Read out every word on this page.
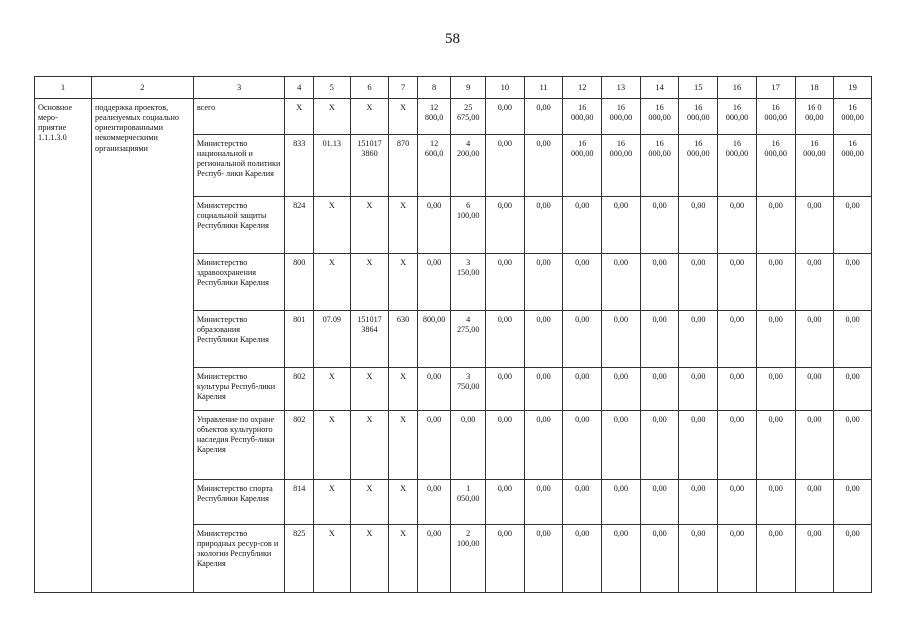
58
1	2	3	4	5	6	7	8	9	10	11	12	13	14	15	16	17	18	19
Основное меро-
приятие 1.1.1.3.0	поддержка проектов, реализуемых социально ориентированными некоммерческими организациями	всего	Х	Х	Х	Х	12 800,0	25 675,00	0,00	0,00	16 000,00	16 000,00	16 000,00	16 000,00	16 000,00	16 000,00	16 0 00,00	16 000,00
		Министерство национальной и региональной политики Респуб- лики Карелия	833	01.13	151017 3860	870	12 600,0	4 200,00	0,00	0,00	16 000,00	16 000,00	16 000,00	16 000,00	16 000,00	16 000,00	16 000,00	16 000,00
		Министерство социальной защиты Республики Карелия	824	Х	Х	Х	0,00	6 100,00	0,00	0,00	0,00	0,00	0,00	0,00	0,00	0,00	0,00	0,00
		Министерство здравоохранения Республики Карелия	800	Х	Х	Х	0,00	3 150,00	0,00	0,00	0,00	0,00	0,00	0,00	0,00	0,00	0,00	0,00
		Министерство образования Республики Карелия	801	07.09	151017 3864	630	800,00	4 275,00	0,00	0,00	0,00	0,00	0,00	0,00	0,00	0,00	0,00	0,00
		Министерство культуры Респуб-лики Карелия	802	Х	Х	Х	0,00	3 750,00	0,00	0,00	0,00	0,00	0,00	0,00	0,00	0,00	0,00	0,00
		Управление по охране объектов культурного наследия Респуб-лики Карелия	802	Х	Х	Х	0,00	0,00	0,00	0,00	0,00	0,00	0,00	0,00	0,00	0,00	0,00	0,00
		Министерство спорта Республики Карелия	814	Х	Х	Х	0,00	1 050,00	0,00	0,00	0,00	0,00	0,00	0,00	0,00	0,00	0,00	0,00
		Министерство природных ресур-сов и экологии Республики Карелия	825	Х	Х	Х	0,00	2 100,00	0,00	0,00	0,00	0,00	0,00	0,00	0,00	0,00	0,00	0,00
